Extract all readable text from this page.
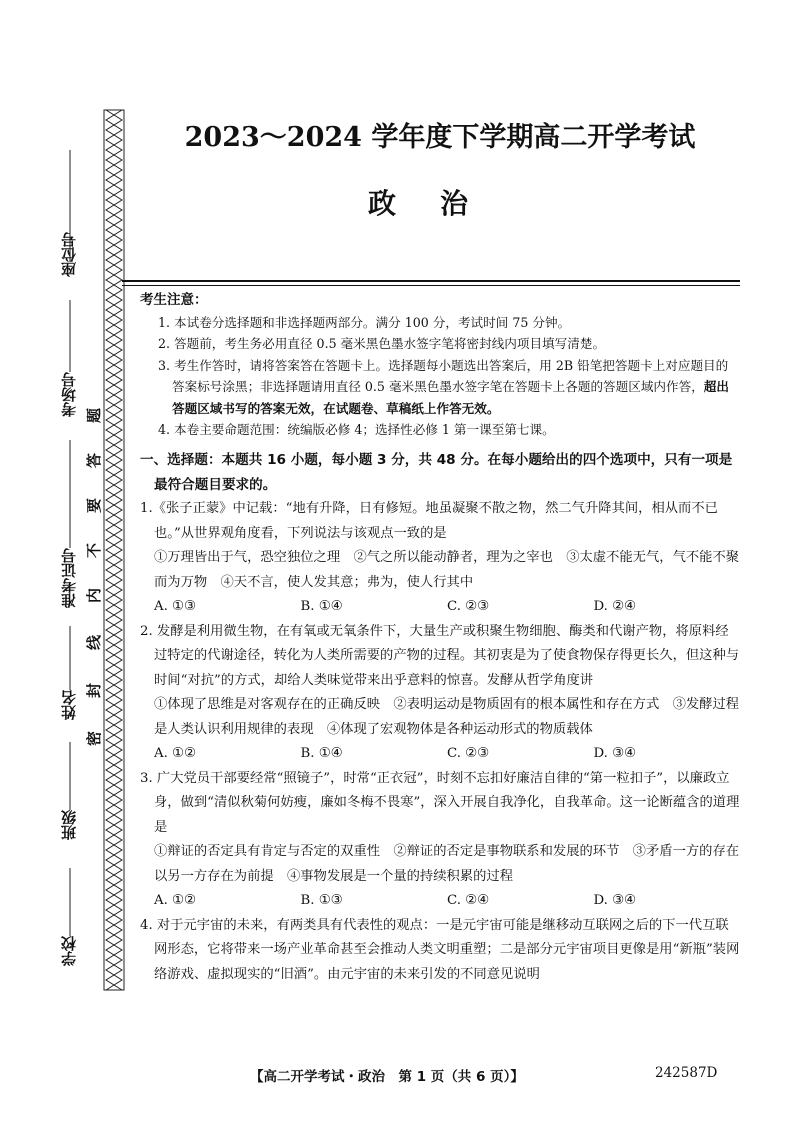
座位号
考场号
准考证号
姓名
班级
学校
题
答
要
不
内
线
封
密
2023～2024 学年度下学期高二开学考试
政治
考生注意：
1. 本试卷分选择题和非选择题两部分。满分 100 分，考试时间 75 分钟。
2. 答题前，考生务必用直径 0.5 毫米黑色墨水签字笔将密封线内项目填写清楚。
3. 考生作答时，请将答案答在答题卡上。选择题每小题选出答案后，用 2B 铅笔把答题卡上对应题目的答案标号涂黑；非选择题请用直径 0.5 毫米黑色墨水签字笔在答题卡上各题的答题区域内作答，超出答题区域书写的答案无效，在试题卷、草稿纸上作答无效。
4. 本卷主要命题范围：统编版必修 4；选择性必修 1 第一课至第七课。
一、选择题：本题共 16 小题，每小题 3 分，共 48 分。在每小题给出的四个选项中，只有一项是最符合题目要求的。
1.《张子正蒙》中记载：“地有升降，日有修短。地虽凝聚不散之物，然二气升降其间，相从而不已也。”从世界观角度看，下列说法与该观点一致的是
①万理皆出于气，恐空独位之理　②气之所以能动静者，理为之宰也　③太虚不能无气，气不能不聚而为万物　④天不言，使人发其意；弗为，使人行其中
A. ①③	B. ①④	C. ②③	D. ②④
2. 发酵是利用微生物，在有氧或无氧条件下，大量生产或积聚生物细胞、酶类和代谢产物，将原料经过特定的代谢途径，转化为人类所需要的产物的过程。其初衷是为了使食物保存得更长久，但这种与时间“对抗”的方式，却给人类味觉带来出乎意料的惊喜。发酵从哲学角度讲
①体现了思维是对客观存在的正确反映　②表明运动是物质固有的根本属性和存在方式　③发酵过程是人类认识利用规律的表现　④体现了宏观物体是各种运动形式的物质载体
A. ①②	B. ①④	C. ②③	D. ③④
3. 广大党员干部要经常“照镜子”，时常“正衣冠”，时刻不忘扣好廉洁自律的“第一粒扣子”，以廉政立身，做到“清似秋菊何妨瘦，廉如冬梅不畏寒”，深入开展自我净化，自我革命。这一论断蕴含的道理是
①辩证的否定具有肯定与否定的双重性　②辩证的否定是事物联系和发展的环节　③矛盾一方的存在以另一方存在为前提　④事物发展是一个量的持续积累的过程
A. ①②	B. ①③	C. ②④	D. ③④
4. 对于元宇宙的未来，有两类具有代表性的观点：一是元宇宙可能是继移动互联网之后的下一代互联网形态，它将带来一场产业革命甚至会推动人类文明重塑；二是部分元宇宙项目更像是用“新瓶”装网络游戏、虚拟现实的“旧酒”。由元宇宙的未来引发的不同意见说明
【高二开学考试・政治　第 1 页（共 6 页）】	242587D
